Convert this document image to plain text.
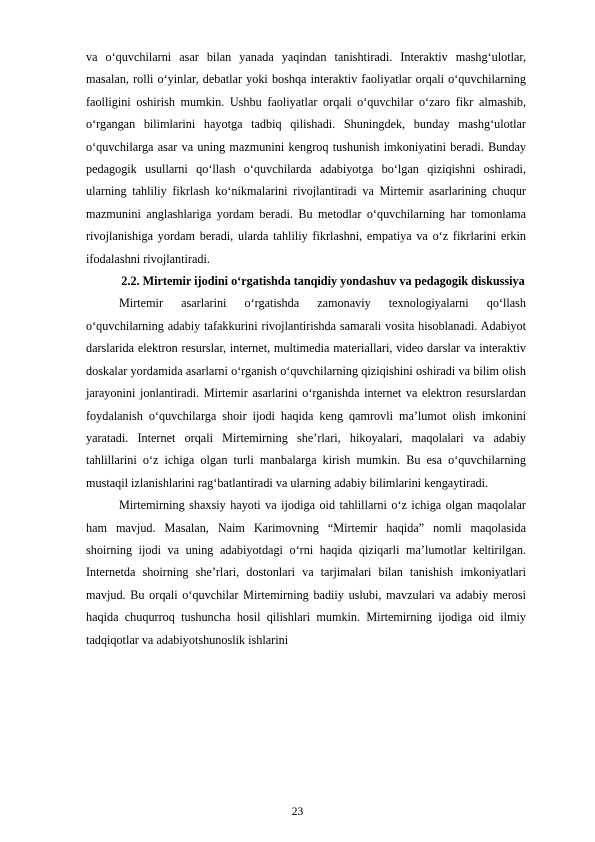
va o‘quvchilarni asar bilan yanada yaqindan tanishtiradi. Interaktiv mashg‘ulotlar, masalan, rolli o‘yinlar, debatlar yoki boshqa interaktiv faoliyatlar orqali o‘quvchilarning faolligini oshirish mumkin. Ushbu faoliyatlar orqali o‘quvchilar o‘zaro fikr almashib, o‘rgangan bilimlarini hayotga tadbiq qilishadi. Shuningdek, bunday mashg‘ulotlar o‘quvchilarga asar va uning mazmunini kengroq tushunish imkoniyatini beradi. Bunday pedagogik usullarni qo‘llash o‘quvchilarda adabiyotga bo‘lgan qiziqishni oshiradi, ularning tahliliy fikrlash ko‘nikmalarini rivojlantiradi va Mirtemir asarlarining chuqur mazmunini anglashlariga yordam beradi. Bu metodlar o‘quvchilarning har tomonlama rivojlanishiga yordam beradi, ularda tahliliy fikrlashni, empatiya va o‘z fikrlarini erkin ifodalashni rivojlantiradi.

2.2. Mirtemir ijodini o‘rgatishda tanqidiy yondashuv va pedagogik diskussiya

Mirtemir asarlarini o‘rgatishda zamonaviy texnologiyalarni qo‘llash o‘quvchilarning adabiy tafakkurini rivojlantirishda samarali vosita hisoblanadi. Adabiyot darslarida elektron resurslar, internet, multimedia materiallari, video darslar va interaktiv doskalar yordamida asarlarni o‘rganish o‘quvchilarning qiziqishini oshiradi va bilim olish jarayonini jonlantiradi. Mirtemir asarlarini o‘rganishda internet va elektron resurslardan foydalanish o‘quvchilarga shoir ijodi haqida keng qamrovli ma’lumot olish imkonini yaratadi. Internet orqali Mirtemirning she’rlari, hikoyalari, maqolalari va adabiy tahlillarini o‘z ichiga olgan turli manbalarga kirish mumkin. Bu esa o‘quvchilarning mustaqil izlanishlarini rag‘batlantiradi va ularning adabiy bilimlarini kengaytiradi.

Mirtemirning shaxsiy hayoti va ijodiga oid tahlillarni o‘z ichiga olgan maqolalar ham mavjud. Masalan, Naim Karimovning “Mirtemir haqida” nomli maqolasida shoirning ijodi va uning adabiyotdagi o‘rni haqida qiziqarli ma’lumotlar keltirilgan. Internetda shoirning she’rlari, dostonlari va tarjimalari bilan tanishish imkoniyatlari mavjud. Bu orqali o‘quvchilar Mirtemirning badiiy uslubi, mavzulari va adabiy merosi haqida chuqurroq tushuncha hosil qilishlari mumkin. Mirtemirning ijodiga oid ilmiy tadqiqotlar va adabiyotshunoslik ishlarini

23
